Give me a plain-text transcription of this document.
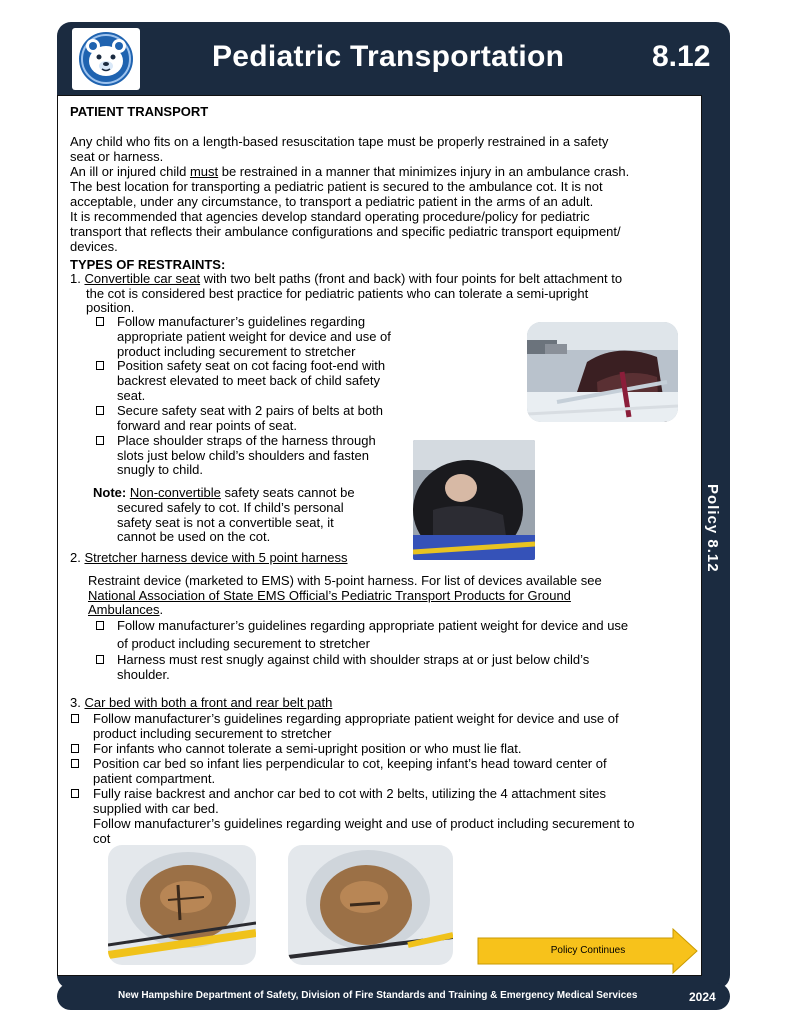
Pediatric Transportation	8.12
Policy 8.12
PATIENT TRANSPORT
Any child who fits on a length-based resuscitation tape must be properly restrained in a safety
seat or harness.
An ill or injured child must be restrained in a manner that minimizes injury in an ambulance crash.
The best location for transporting a pediatric patient is secured to the ambulance cot. It is not
acceptable, under any circumstance, to transport a pediatric patient in the arms of an adult.
It is recommended that agencies develop standard operating procedure/policy for pediatric
transport that reflects their ambulance configurations and specific pediatric transport equipment/
devices.
TYPES OF RESTRAINTS:
1. Convertible car seat with two belt paths (front and back) with four points for belt attachment to
the cot is considered best practice for pediatric patients who can tolerate a semi-upright
position.
Follow manufacturer’s guidelines regarding
appropriate patient weight for device and use of
product including securement to stretcher
Position safety seat on cot facing foot-end with
backrest elevated to meet back of child safety
seat.
Secure safety seat with 2 pairs of belts at both
forward and rear points of seat.
Place shoulder straps of the harness through
slots just below child’s shoulders and fasten
snugly to child.
Note: Non-convertible safety seats cannot be
secured safely to cot. If child’s personal
safety seat is not a convertible seat, it
cannot be used on the cot.
2. Stretcher harness device with 5 point harness
Restraint device (marketed to EMS) with 5-point harness. For list of devices available see
National Association of State EMS Official’s Pediatric Transport Products for Ground
Ambulances.
Follow manufacturer’s guidelines regarding appropriate patient weight for device and use
of product including securement to stretcher
Harness must rest snugly against child with shoulder straps at or just below child’s
shoulder.
3. Car bed with both a front and rear belt path
Follow manufacturer’s guidelines regarding appropriate patient weight for device and use of
product including securement to stretcher
For infants who cannot tolerate a semi-upright position or who must lie flat.
Position car bed so infant lies perpendicular to cot, keeping infant’s head toward center of
patient compartment.
Fully raise backrest and anchor car bed to cot with 2 belts, utilizing the 4 attachment sites
supplied with car bed.
Follow manufacturer’s guidelines regarding weight and use of product including securement to
cot
Policy Continues
New Hampshire Department of Safety, Division of Fire Standards and Training & Emergency Medical Services	2024
